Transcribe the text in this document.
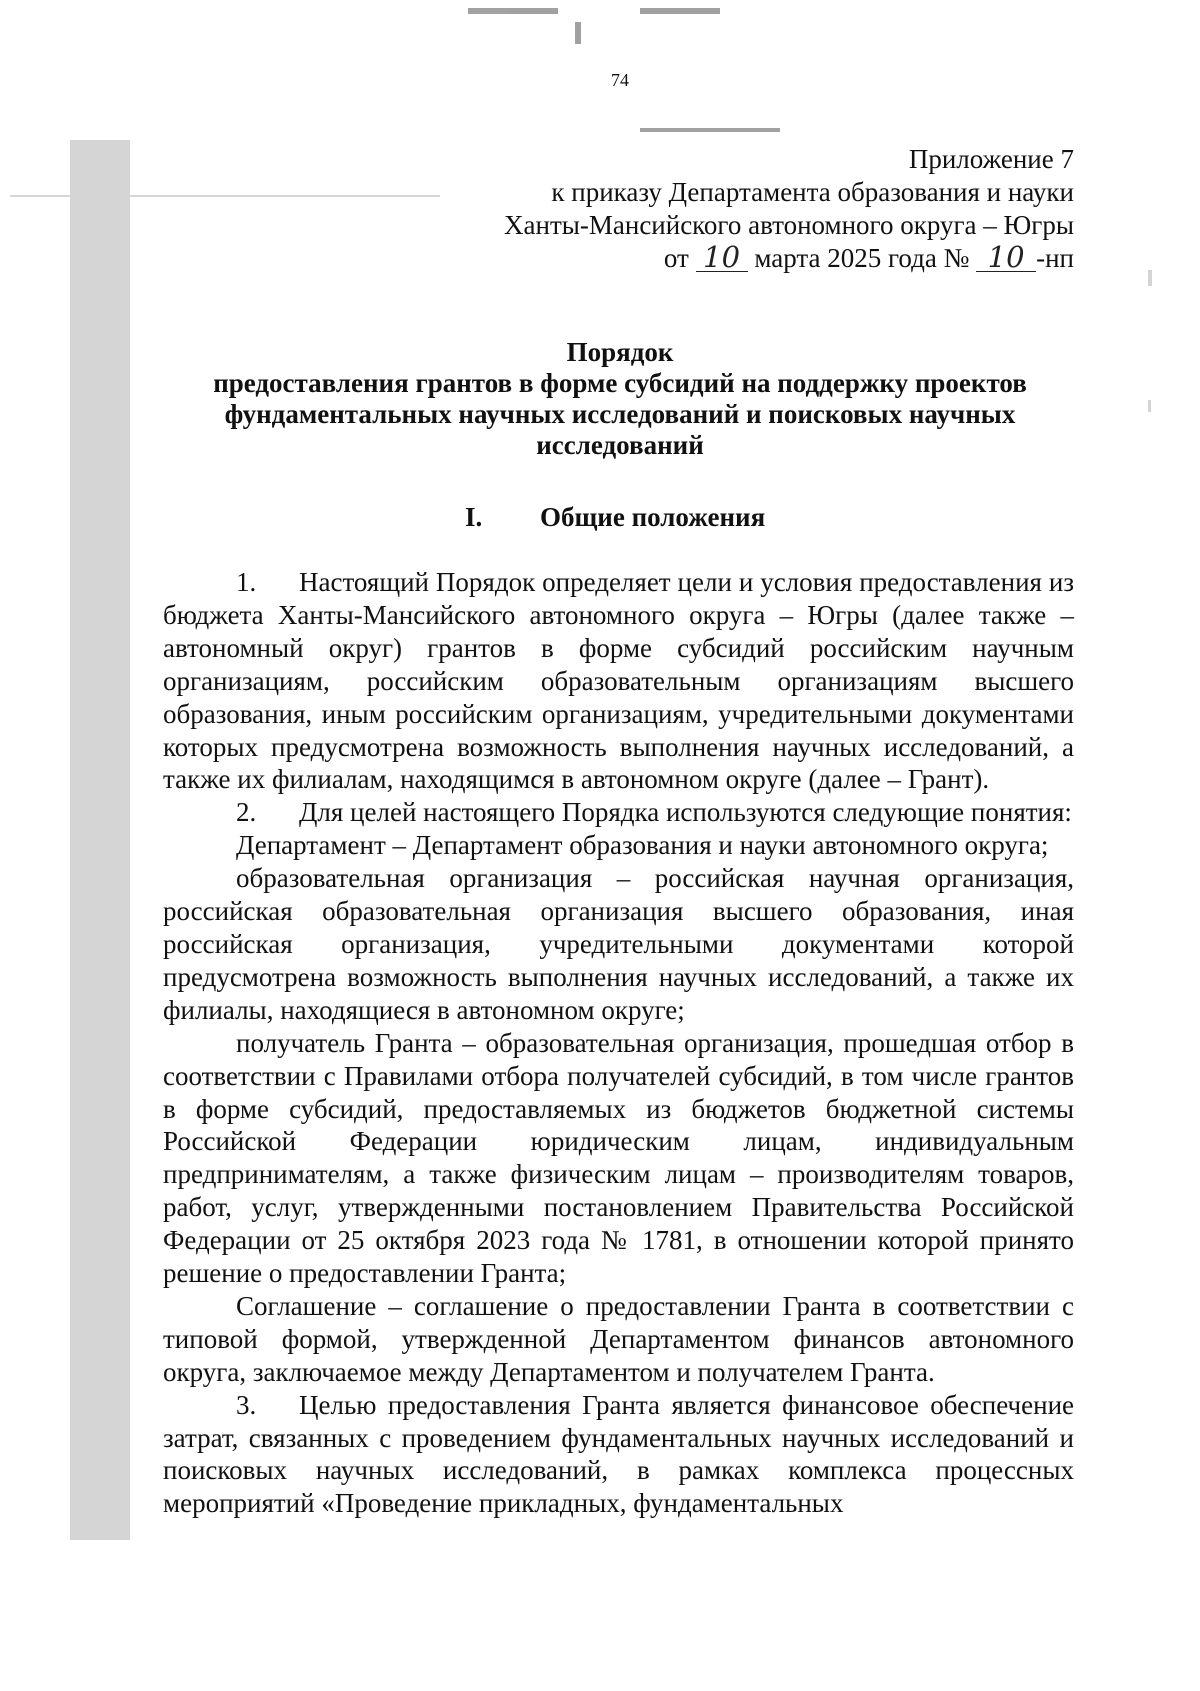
74
Приложение 7
к приказу Департамента образования и науки
Ханты-Мансийского автономного округа – Югры
от 10 марта 2025 года № 10 -нп
Порядок
предоставления грантов в форме субсидий на поддержку проектов
фундаментальных научных исследований и поисковых научных
исследований
I. Общие положения

1. Настоящий Порядок определяет цели и условия предоставления из бюджета Ханты-Мансийского автономного округа – Югры (далее также – автономный округ) грантов в форме субсидий российским научным организациям, российским образовательным организациям высшего образования, иным российским организациям, учредительными документами которых предусмотрена возможность выполнения научных исследований, а также их филиалам, находящимся в автономном округе (далее – Грант).

2. Для целей настоящего Порядка используются следующие понятия:

Департамент – Департамент образования и науки автономного округа;

образовательная организация – российская научная организация, российская образовательная организация высшего образования, иная российская организация, учредительными документами которой предусмотрена возможность выполнения научных исследований, а также их филиалы, находящиеся в автономном округе;

получатель Гранта – образовательная организация, прошедшая отбор в соответствии с Правилами отбора получателей субсидий, в том числе грантов в форме субсидий, предоставляемых из бюджетов бюджетной системы Российской Федерации юридическим лицам, индивидуальным предпринимателям, а также физическим лицам – производителям товаров, работ, услуг, утвержденными постановлением Правительства Российской Федерации от 25 октября 2023 года № 1781, в отношении которой принято решение о предоставлении Гранта;

Соглашение – соглашение о предоставлении Гранта в соответствии с типовой формой, утвержденной Департаментом финансов автономного округа, заключаемое между Департаментом и получателем Гранта.

3. Целью предоставления Гранта является финансовое обеспечение затрат, связанных с проведением фундаментальных научных исследований и поисковых научных исследований, в рамках комплекса процессных мероприятий «Проведение прикладных, фундаментальных
